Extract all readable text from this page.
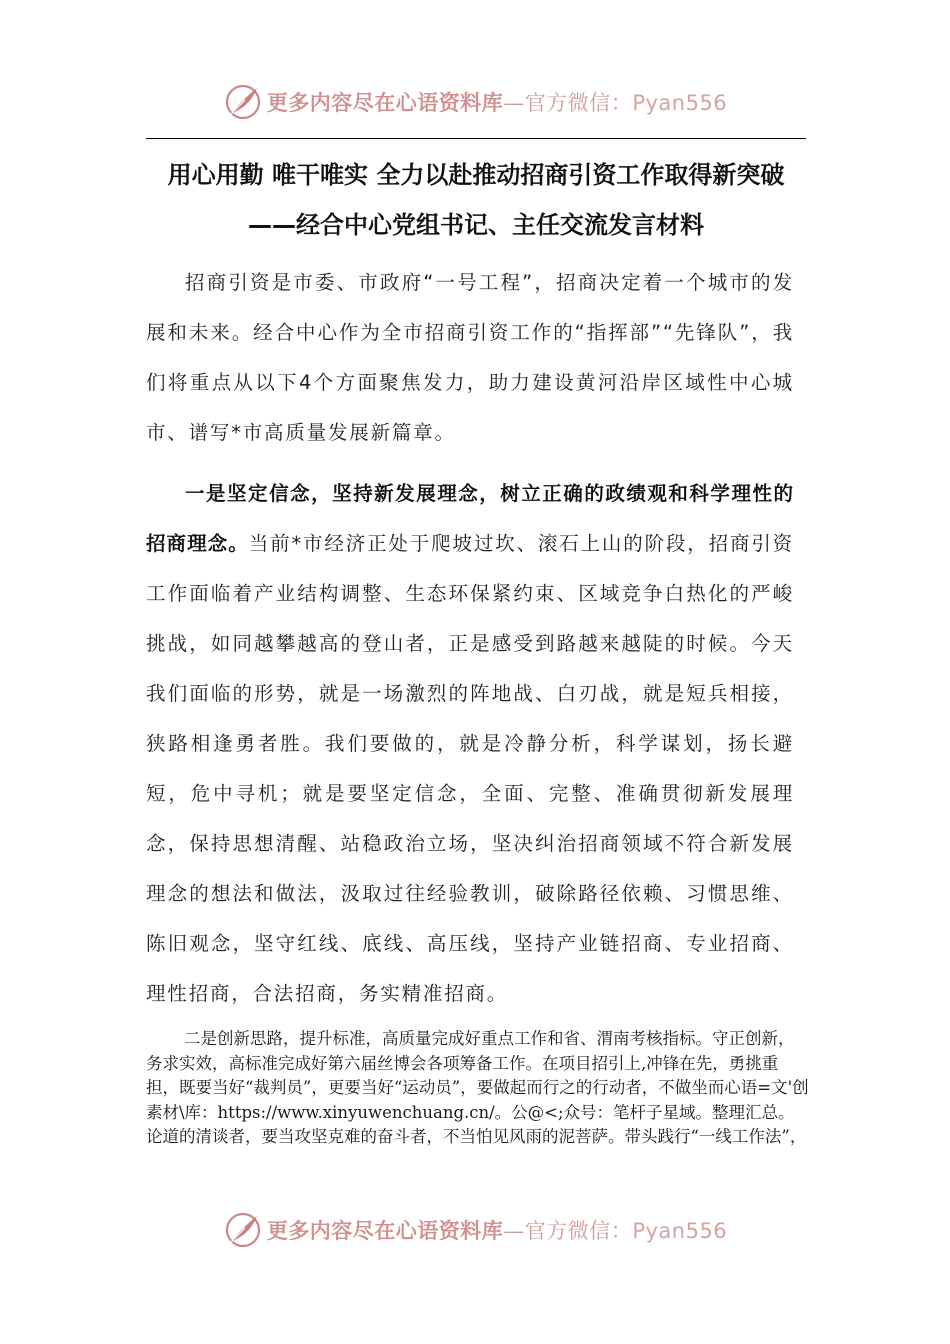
更多内容尽在心语资料库—官方微信：Pyan556
用心用勤 唯干唯实 全力以赴推动招商引资工作取得新突破——经合中心党组书记、主任交流发言材料

招商引资是市委、市政府“一号工程”，招商决定着一个城市的发展和未来。经合中心作为全市招商引资工作的“指挥部”“先锋队”，我们将重点从以下4个方面聚焦发力，助力建设黄河沿岸区域性中心城市、谱写*市高质量发展新篇章。

一是坚定信念，坚持新发展理念，树立正确的政绩观和科学理性的招商理念。当前*市经济正处于爬坡过坎、滚石上山的阶段，招商引资工作面临着产业结构调整、生态环保紧约束、区域竞争白热化的严峻挑战，如同越攀越高的登山者，正是感受到路越来越陡的时候。今天我们面临的形势，就是一场激烈的阵地战、白刃战，就是短兵相接，狭路相逢勇者胜。我们要做的，就是冷静分析，科学谋划，扬长避短，危中寻机；就是要坚定信念，全面、完整、准确贯彻新发展理念，保持思想清醒、站稳政治立场，坚决纠治招商领域不符合新发展理念的想法和做法，汲取过往经验教训，破除路径依赖、习惯思维、陈旧观念，坚守红线、底线、高压线，坚持产业链招商、专业招商、理性招商，合法招商，务实精准招商。

二是创新思路，提升标准，高质量完成好重点工作和省、渭南考核指标。守正创新，务求实效，高标准完成好第六届丝博会各项筹备工作。在项目招引上,冲锋在先，勇挑重担，既要当好“裁判员”，更要当好“运动员”，要做起而行之的行动者，不做坐而心语=文'创素材\库：https://www.xinyuwenchuang.cn/。公@<;众号：笔杆子星域。整理汇总。论道的清谈者，要当攻坚克难的奋斗者，不当怕见风雨的泥菩萨。带头践行“一线工作法”，

更多内容尽在心语资料库—官方微信：Pyan556
